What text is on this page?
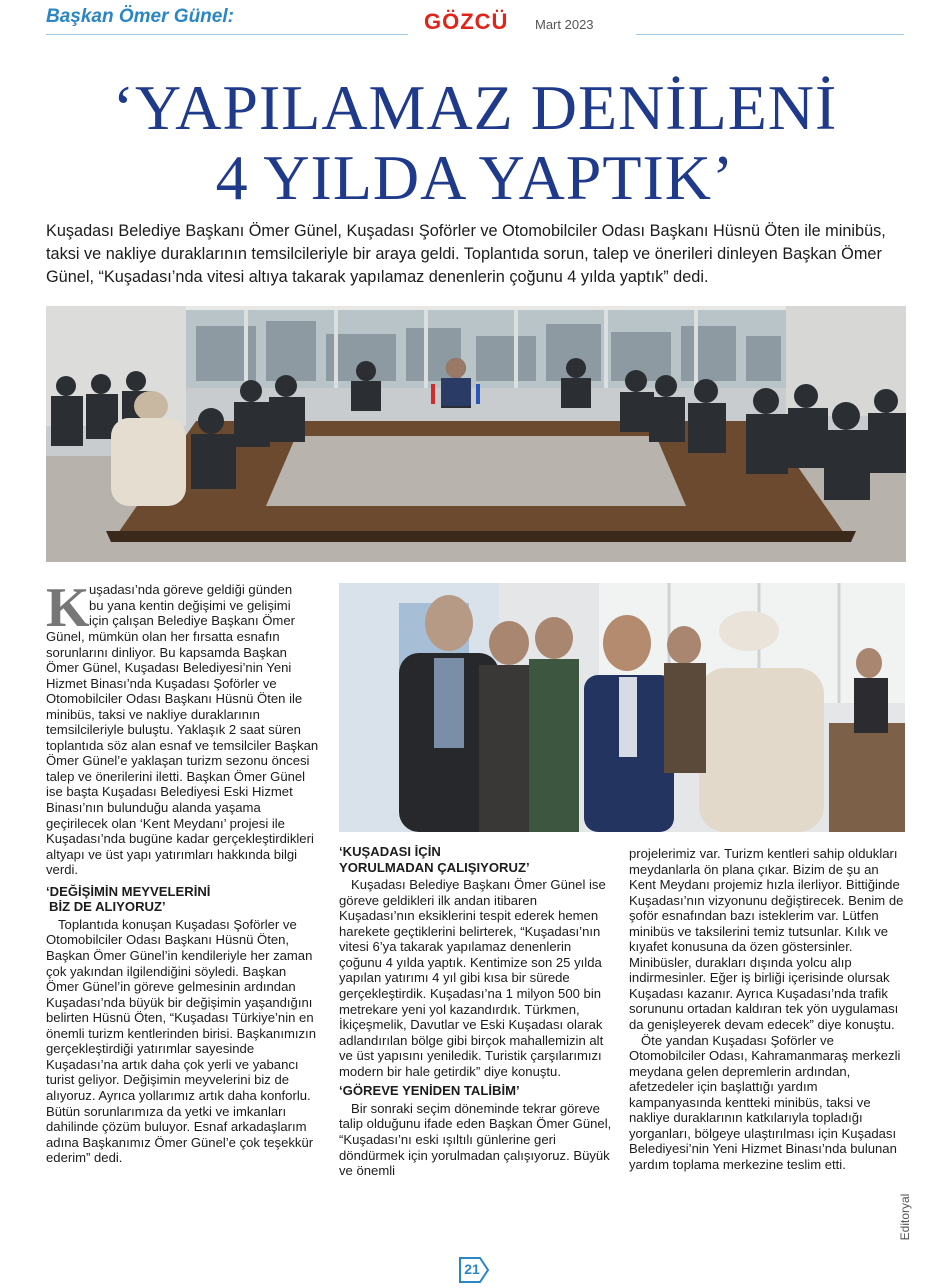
Başkan Ömer Günel:	GÖZCÜ Mart 2023
‘YAPILAMAZ DENİLENİ
4 YILDA YAPTIK’
Kuşadası Belediye Başkanı Ömer Günel, Kuşadası Şoförler ve Otomobilciler Odası Başkanı Hüsnü Öten ile minibüs, taksi ve nakliye duraklarının temsilcileriyle bir araya geldi. Toplantıda sorun, talep ve önerileri dinleyen Başkan Ömer Günel, “Kuşadası’nda vitesi altıya takarak yapılamaz denenlerin çoğunu 4 yılda yaptık” dedi.
K uşadası’nda göreve geldiği günden

bu yana kentin değişimi ve gelişimi

için çalışan Belediye Başkanı Ömer

Günel, mümkün olan her fırsatta esnafın sorunlarını dinliyor. Bu kapsamda Başkan Ömer Günel, Kuşadası Belediyesi’nin Yeni Hizmet Binası’nda Kuşadası Şoförler ve Otomobilciler Odası Başkanı Hüsnü Öten ile minibüs, taksi ve nakliye duraklarının temsilcileriyle buluştu. Yaklaşık 2 saat süren toplantıda söz alan esnaf ve temsilciler Başkan Ömer Günel’e yaklaşan turizm sezonu öncesi talep ve önerilerini iletti. Başkan Ömer Günel ise başta Kuşadası Belediyesi Eski Hizmet Binası’nın bulunduğu alanda yaşama geçirilecek olan ‘Kent Meydanı’ projesi ile Kuşadası’nda bugüne kadar gerçekleştirdikleri altyapı ve üst yapı yatırımları hakkında bilgi verdi.

‘DEĞİŞİMİN MEYVELERİNİ
BİZ DE ALIYORUZ’

Toplantıda konuşan Kuşadası Şoförler ve Otomobilciler Odası Başkanı Hüsnü Öten, Başkan Ömer Günel’in kendileriyle her zaman çok yakından ilgilendiğini söyledi. Başkan Ömer Günel’in göreve gelmesinin ardından Kuşadası’nda büyük bir değişimin yaşandığını belirten Hüsnü Öten, “Kuşadası Türkiye’nin en önemli turizm kentlerinden birisi. Başkanımızın gerçekleştirdiği yatırımlar sayesinde Kuşadası’na artık daha çok yerli ve yabancı turist geliyor. Değişimin meyvelerini biz de alıyoruz. Ayrıca yollarımız artık daha konforlu. Bütün sorunlarımıza da yetki ve imkanları dahilinde çözüm buluyor. Esnaf arkadaşlarım adına Başkanımız Ömer Günel’e çok teşekkür ederim” dedi.

‘KUŞADASI İÇİN
YORULMADAN ÇALIŞIYORUZ’

Kuşadası Belediye Başkanı Ömer Günel ise göreve geldikleri ilk andan itibaren Kuşadası’nın eksiklerini tespit ederek hemen harekete geçtiklerini belirterek, “Kuşadası’nın vitesi 6’ya takarak yapılamaz denenlerin çoğunu 4 yılda yaptık. Kentimize son 25 yılda yapılan yatırımı 4 yıl gibi kısa bir sürede gerçekleştirdik. Kuşadası’na 1 milyon 500 bin metrekare yeni yol kazandırdık. Türkmen, İkiçeşmelik, Davutlar ve Eski Kuşadası olarak adlandırılan bölge gibi birçok mahallemizin alt ve üst yapısını yeniledik. Turistik çarşılarımızı modern bir hale getirdik” diye konuştu.

‘GÖREVE YENİDEN TALİBİM’

Bir sonraki seçim döneminde tekrar göreve talip olduğunu ifade eden Başkan Ömer Günel, “Kuşadası’nı eski ışıltılı günlerine geri döndürmek için yorulmadan çalışıyoruz. Büyük ve önemli

projelerimiz var. Turizm kentleri sahip oldukları meydanlarla ön plana çıkar. Bizim de şu an Kent Meydanı projemiz hızla ilerliyor. Bittiğinde Kuşadası’nın vizyonunu değiştirecek. Benim de şoför esnafından bazı isteklerim var. Lütfen minibüs ve taksilerini temiz tutsunlar. Kılık ve kıyafet konusuna da özen göstersinler. Minibüsler, durakları dışında yolcu alıp indirmesinler. Eğer iş birliği içerisinde olursak Kuşadası kazanır. Ayrıca Kuşadası’nda trafik sorununu ortadan kaldıran tek yön uygulaması da genişleyerek devam edecek” diye konuştu.

Öte yandan Kuşadası Şoförler ve Otomobilciler Odası, Kahramanmaraş merkezli meydana gelen depremlerin ardından, afetzedeler için başlattığı yardım kampanyasında kentteki minibüs, taksi ve nakliye duraklarının katkılarıyla topladığı yorganları, bölgeye ulaştırılması için Kuşadası Belediyesi’nin Yeni Hizmet Binası’nda bulunan yardım toplama merkezine teslim etti.

21
Editoryal
